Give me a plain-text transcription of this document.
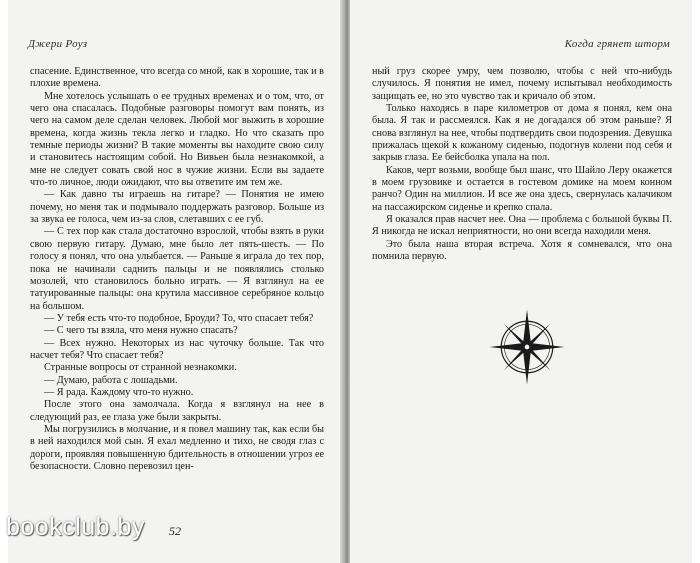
Джери Роуз

спасение. Единственное, что всегда со мной, как в хорошие, так и в плохие времена.

Мне хотелось услышать о ее трудных временах и о том, что, от чего она спасалась. Подобные разговоры помогут вам понять, из чего на самом деле сделан человек. Любой мог выжить в хорошие времена, когда жизнь текла легко и гладко. Но что сказать про темные периоды жизни? В такие моменты вы находите свою силу и становитесь настоящим собой. Но Вивьен была незнакомкой, а мне не следует совать свой нос в чужие жизни. Если вы задаете что-то личное, люди ожидают, что вы ответите им тем же.

— Как давно ты играешь на гитаре? — Понятия не имею почему, но меня так и подмывало поддержать разговор. Больше из за звука ее голоса, чем из-за слов, слетавших с ее губ.

— С тех пор как стала достаточно взрослой, чтобы взять в руки свою первую гитару. Думаю, мне было лет пять-шесть. — По голосу я понял, что она улыбается. — Раньше я играла до тех пор, пока не начинали саднить пальцы и не появлялись столько мозолей, что становилось больно играть. — Я взглянул на ее татуированные пальцы: она крутила массивное серебряное кольцо на большом.

— У тебя есть что-то подобное, Броуди? То, что спасает тебя?

— С чего ты взяла, что меня нужно спасать?

— Всех нужно. Некоторых из нас чуточку больше. Так что насчет тебя? Что спасает тебя?

Странные вопросы от странной незнакомки.

— Думаю, работа с лошадьми.

— Я рада. Каждому что-то нужно.

После этого она замолчала. Когда я взглянул на нее в следующий раз, ее глаза уже были закрыты.

Мы погрузились в молчание, и я повел машину так, как если бы в ней находился мой сын. Я ехал медленно и тихо, не сводя глаз с дороги, проявляя повышенную бдительность в отношении угроз ее безопасности. Словно перевозил цен-

52
Когда грянет шторм

ный груз скорее умру, чем позволю, чтобы с ней что-нибудь случилось. Я понятия не имел, почему испытывал необходимость защищать ее, но это чувство так и кричало об этом.

Только находясь в паре километров от дома я понял, кем она была. Я так и рассмеялся. Как я не догадался об этом раньше? Я снова взглянул на нее, чтобы подтвердить свои подозрения. Девушка прижалась щекой к кожаному сиденью, подогнув колени под себя и закрыв глаза. Ее бейсболка упала на пол.

Каков, черт возьми, вообще был шанс, что Шайло Леру окажется в моем грузовике и остается в гостевом домике на моем конном ранчо? Один на миллион. И все же она здесь, свернулась калачиком на пассажирском сиденье и крепко спала.

Я оказался прав насчет нее. Она — проблема с большой буквы П. Я никогда не искал неприятности, но они всегда находили меня.

Это была наша вторая встреча. Хотя я сомневался, что она помнила первую.

bookclub.by
